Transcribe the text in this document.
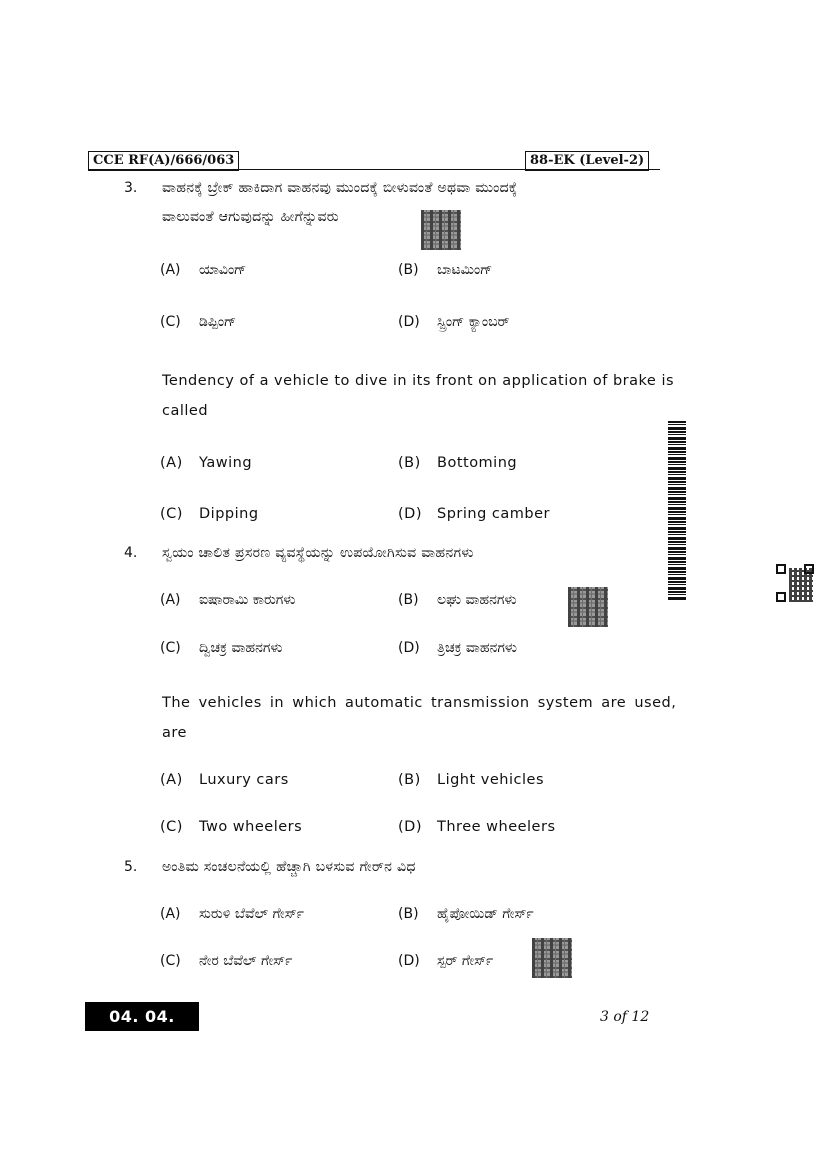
CCE RF(A)/666/063	88-EK (Level-2)
3. ವಾಹನಕ್ಕೆ ಬ್ರೇಕ್ ಹಾಕಿದಾಗ ವಾಹನವು ಮುಂದಕ್ಕೆ ಬೀಳುವಂತೆ ಅಥವಾ ಮುಂದಕ್ಕೆ
ವಾಲುವಂತೆ ಆಗುವುದನ್ನು ಹೀಗೆನ್ನುವರು
(A) ಯಾವಿಂಗ್	(B) ಬಾಟಮಿಂಗ್
(C) ಡಿಪ್ಪಿಂಗ್	(D) ಸ್ಪ್ರಿಂಗ್ ಕ್ಯಾಂಬರ್
Tendency of a vehicle to dive in its front on application of brake is
called
(A) Yawing	(B) Bottoming
(C) Dipping	(D) Spring camber
4. ಸ್ವಯಂ ಚಾಲಿತ ಪ್ರಸರಣ ವ್ಯವಸ್ಥೆಯನ್ನು ಉಪಯೋಗಿಸುವ ವಾಹನಗಳು
(A) ಐಷಾರಾಮಿ ಕಾರುಗಳು	(B) ಲಘು ವಾಹನಗಳು
(C) ದ್ವಿಚಕ್ರ ವಾಹನಗಳು	(D) ತ್ರಿಚಕ್ರ ವಾಹನಗಳು
The vehicles in which automatic transmission system are used,
are
(A) Luxury cars	(B) Light vehicles
(C) Two wheelers	(D) Three wheelers
5. ಅಂತಿಮ ಸಂಚಲನೆಯಲ್ಲಿ ಹೆಚ್ಚಾಗಿ ಬಳಸುವ ಗೇರ್‌ನ ವಿಧ
(A) ಸುರುಳಿ ಬೆವೆಲ್ ಗೇರ್ಸ್	(B) ಹೈಪೋಯಿಡ್ ಗೇರ್ಸ್
(C) ನೇರ ಬೆವೆಲ್ ಗೇರ್ಸ್	(D) ಸ್ಪರ್ ಗೇರ್ಸ್
04. 04. 2024
3 of 12
